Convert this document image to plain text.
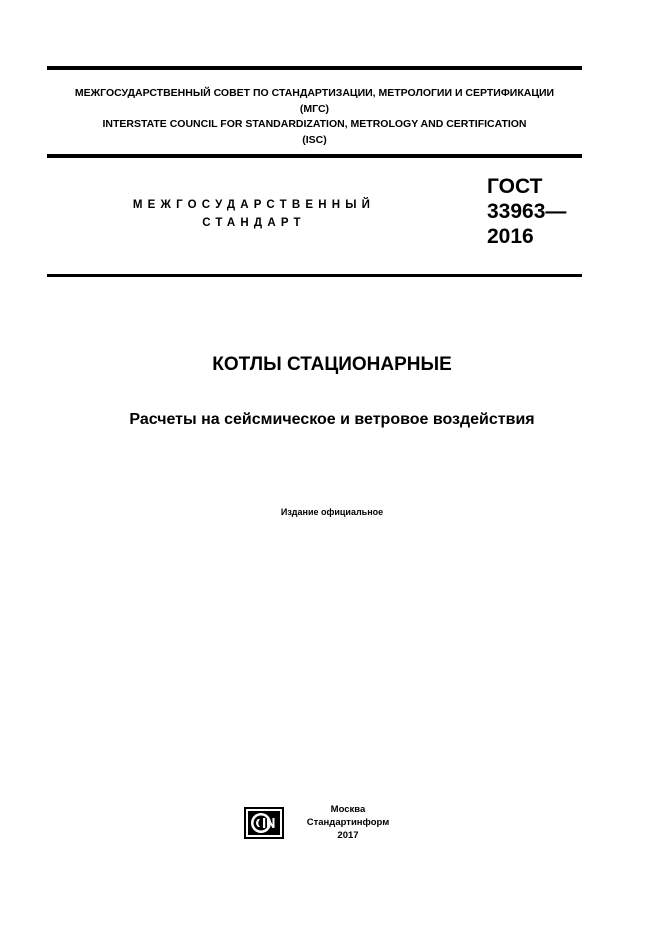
МЕЖГОСУДАРСТВЕННЫЙ СОВЕТ ПО СТАНДАРТИЗАЦИИ, МЕТРОЛОГИИ И СЕРТИФИКАЦИИ
(МГС)
INTERSTATE COUNCIL FOR STANDARDIZATION, METROLOGY AND CERTIFICATION
(ISC)
МЕЖГОСУДАРСТВЕННЫЙ
СТАНДАРТ
ГОСТ
33963—
2016
КОТЛЫ СТАЦИОНАРНЫЕ
Расчеты на сейсмическое и ветровое воздействия
Издание официальное
Москва
Стандартинформ
2017
